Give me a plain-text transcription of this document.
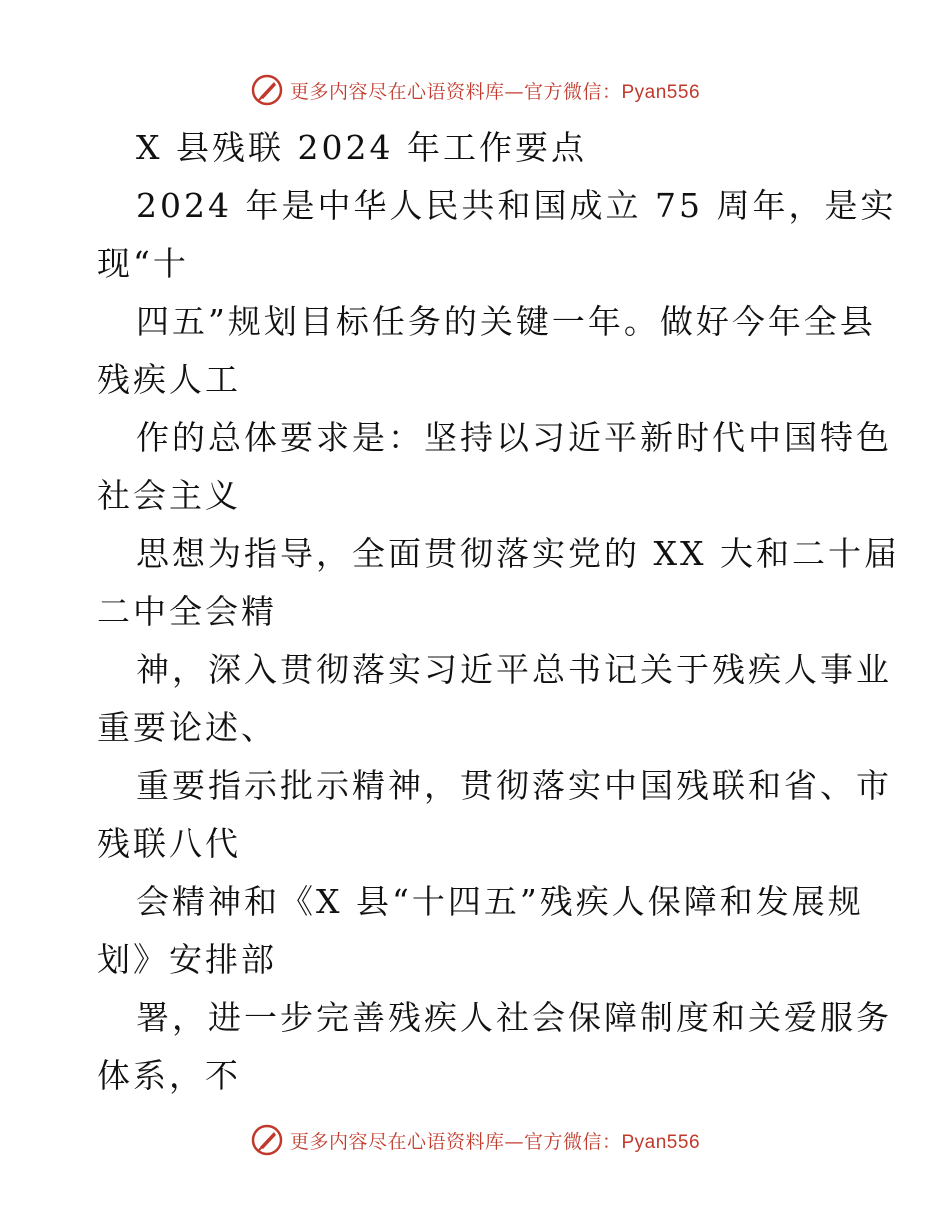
更多内容尽在心语资料库—官方微信：Pyan556
X 县残联 2024 年工作要点
2024 年是中华人民共和国成立 75 周年，是实
现“十
四五”规划目标任务的关键一年。做好今年全县
残疾人工
作的总体要求是：坚持以习近平新时代中国特色
社会主义
思想为指导，全面贯彻落实党的 XX 大和二十届
二中全会精
神，深入贯彻落实习近平总书记关于残疾人事业
重要论述、
重要指示批示精神，贯彻落实中国残联和省、市
残联八代
会精神和《X 县“十四五”残疾人保障和发展规
划》安排部
署，进一步完善残疾人社会保障制度和关爱服务
体系，不
更多内容尽在心语资料库—官方微信：Pyan556
